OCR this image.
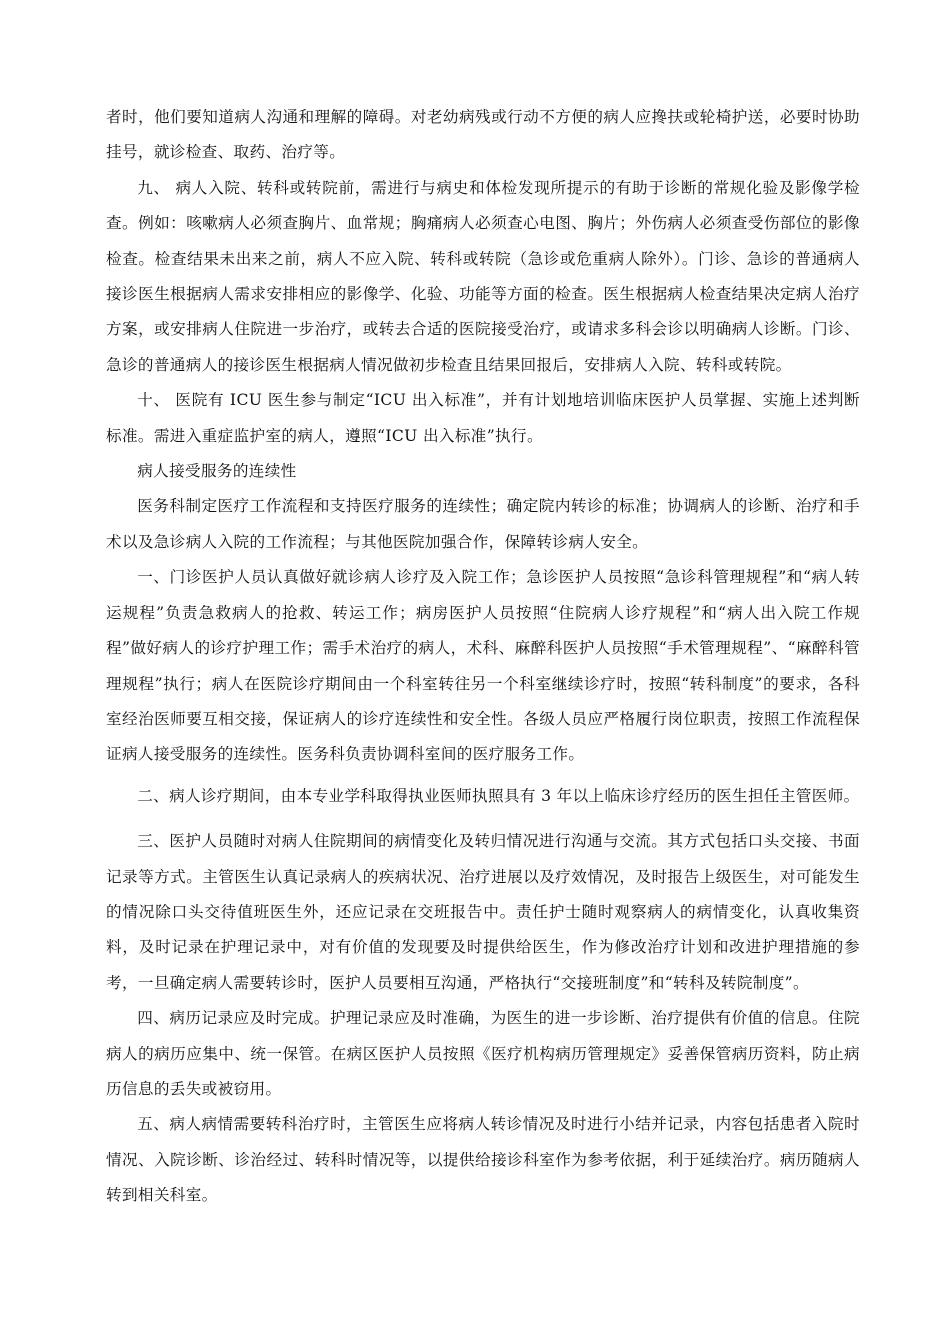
者时，他们要知道病人沟通和理解的障碍。对老幼病残或行动不方便的病人应搀扶或轮椅护送，必要时协助挂号，就诊检查、取药、治疗等。

九、 病人入院、转科或转院前，需进行与病史和体检发现所提示的有助于诊断的常规化验及影像学检查。例如：咳嗽病人必须查胸片、血常规；胸痛病人必须查心电图、胸片；外伤病人必须查受伤部位的影像检查。检查结果未出来之前，病人不应入院、转科或转院（急诊或危重病人除外）。门诊、急诊的普通病人接诊医生根据病人需求安排相应的影像学、化验、功能等方面的检查。医生根据病人检查结果决定病人治疗方案，或安排病人住院进一步治疗，或转去合适的医院接受治疗，或请求多科会诊以明确病人诊断。门诊、急诊的普通病人的接诊医生根据病人情况做初步检查且结果回报后，安排病人入院、转科或转院。

十、 医院有 ICU 医生参与制定“ICU 出入标准”，并有计划地培训临床医护人员掌握、实施上述判断标准。需进入重症监护室的病人，遵照“ICU 出入标准”执行。

病人接受服务的连续性

医务科制定医疗工作流程和支持医疗服务的连续性；确定院内转诊的标准；协调病人的诊断、治疗和手术以及急诊病人入院的工作流程；与其他医院加强合作，保障转诊病人安全。

一、门诊医护人员认真做好就诊病人诊疗及入院工作；急诊医护人员按照“急诊科管理规程”和“病人转运规程”负责急救病人的抢救、转运工作；病房医护人员按照“住院病人诊疗规程”和“病人出入院工作规程”做好病人的诊疗护理工作；需手术治疗的病人，术科、麻醉科医护人员按照“手术管理规程”、“麻醉科管理规程”执行；病人在医院诊疗期间由一个科室转往另一个科室继续诊疗时，按照“转科制度”的要求，各科室经治医师要互相交接，保证病人的诊疗连续性和安全性。各级人员应严格履行岗位职责，按照工作流程保证病人接受服务的连续性。医务科负责协调科室间的医疗服务工作。

二、病人诊疗期间，由本专业学科取得执业医师执照具有 3 年以上临床诊疗经历的医生担任主管医师。

三、医护人员随时对病人住院期间的病情变化及转归情况进行沟通与交流。其方式包括口头交接、书面记录等方式。主管医生认真记录病人的疾病状况、治疗进展以及疗效情况，及时报告上级医生，对可能发生的情况除口头交待值班医生外，还应记录在交班报告中。责任护士随时观察病人的病情变化，认真收集资料，及时记录在护理记录中，对有价值的发现要及时提供给医生，作为修改治疗计划和改进护理措施的参考，一旦确定病人需要转诊时，医护人员要相互沟通，严格执行“交接班制度”和“转科及转院制度”。

四、病历记录应及时完成。护理记录应及时准确，为医生的进一步诊断、治疗提供有价值的信息。住院病人的病历应集中、统一保管。在病区医护人员按照《医疗机构病历管理规定》妥善保管病历资料，防止病历信息的丢失或被窃用。

五、病人病情需要转科治疗时，主管医生应将病人转诊情况及时进行小结并记录，内容包括患者入院时情况、入院诊断、诊治经过、转科时情况等，以提供给接诊科室作为参考依据，利于延续治疗。病历随病人转到相关科室。
